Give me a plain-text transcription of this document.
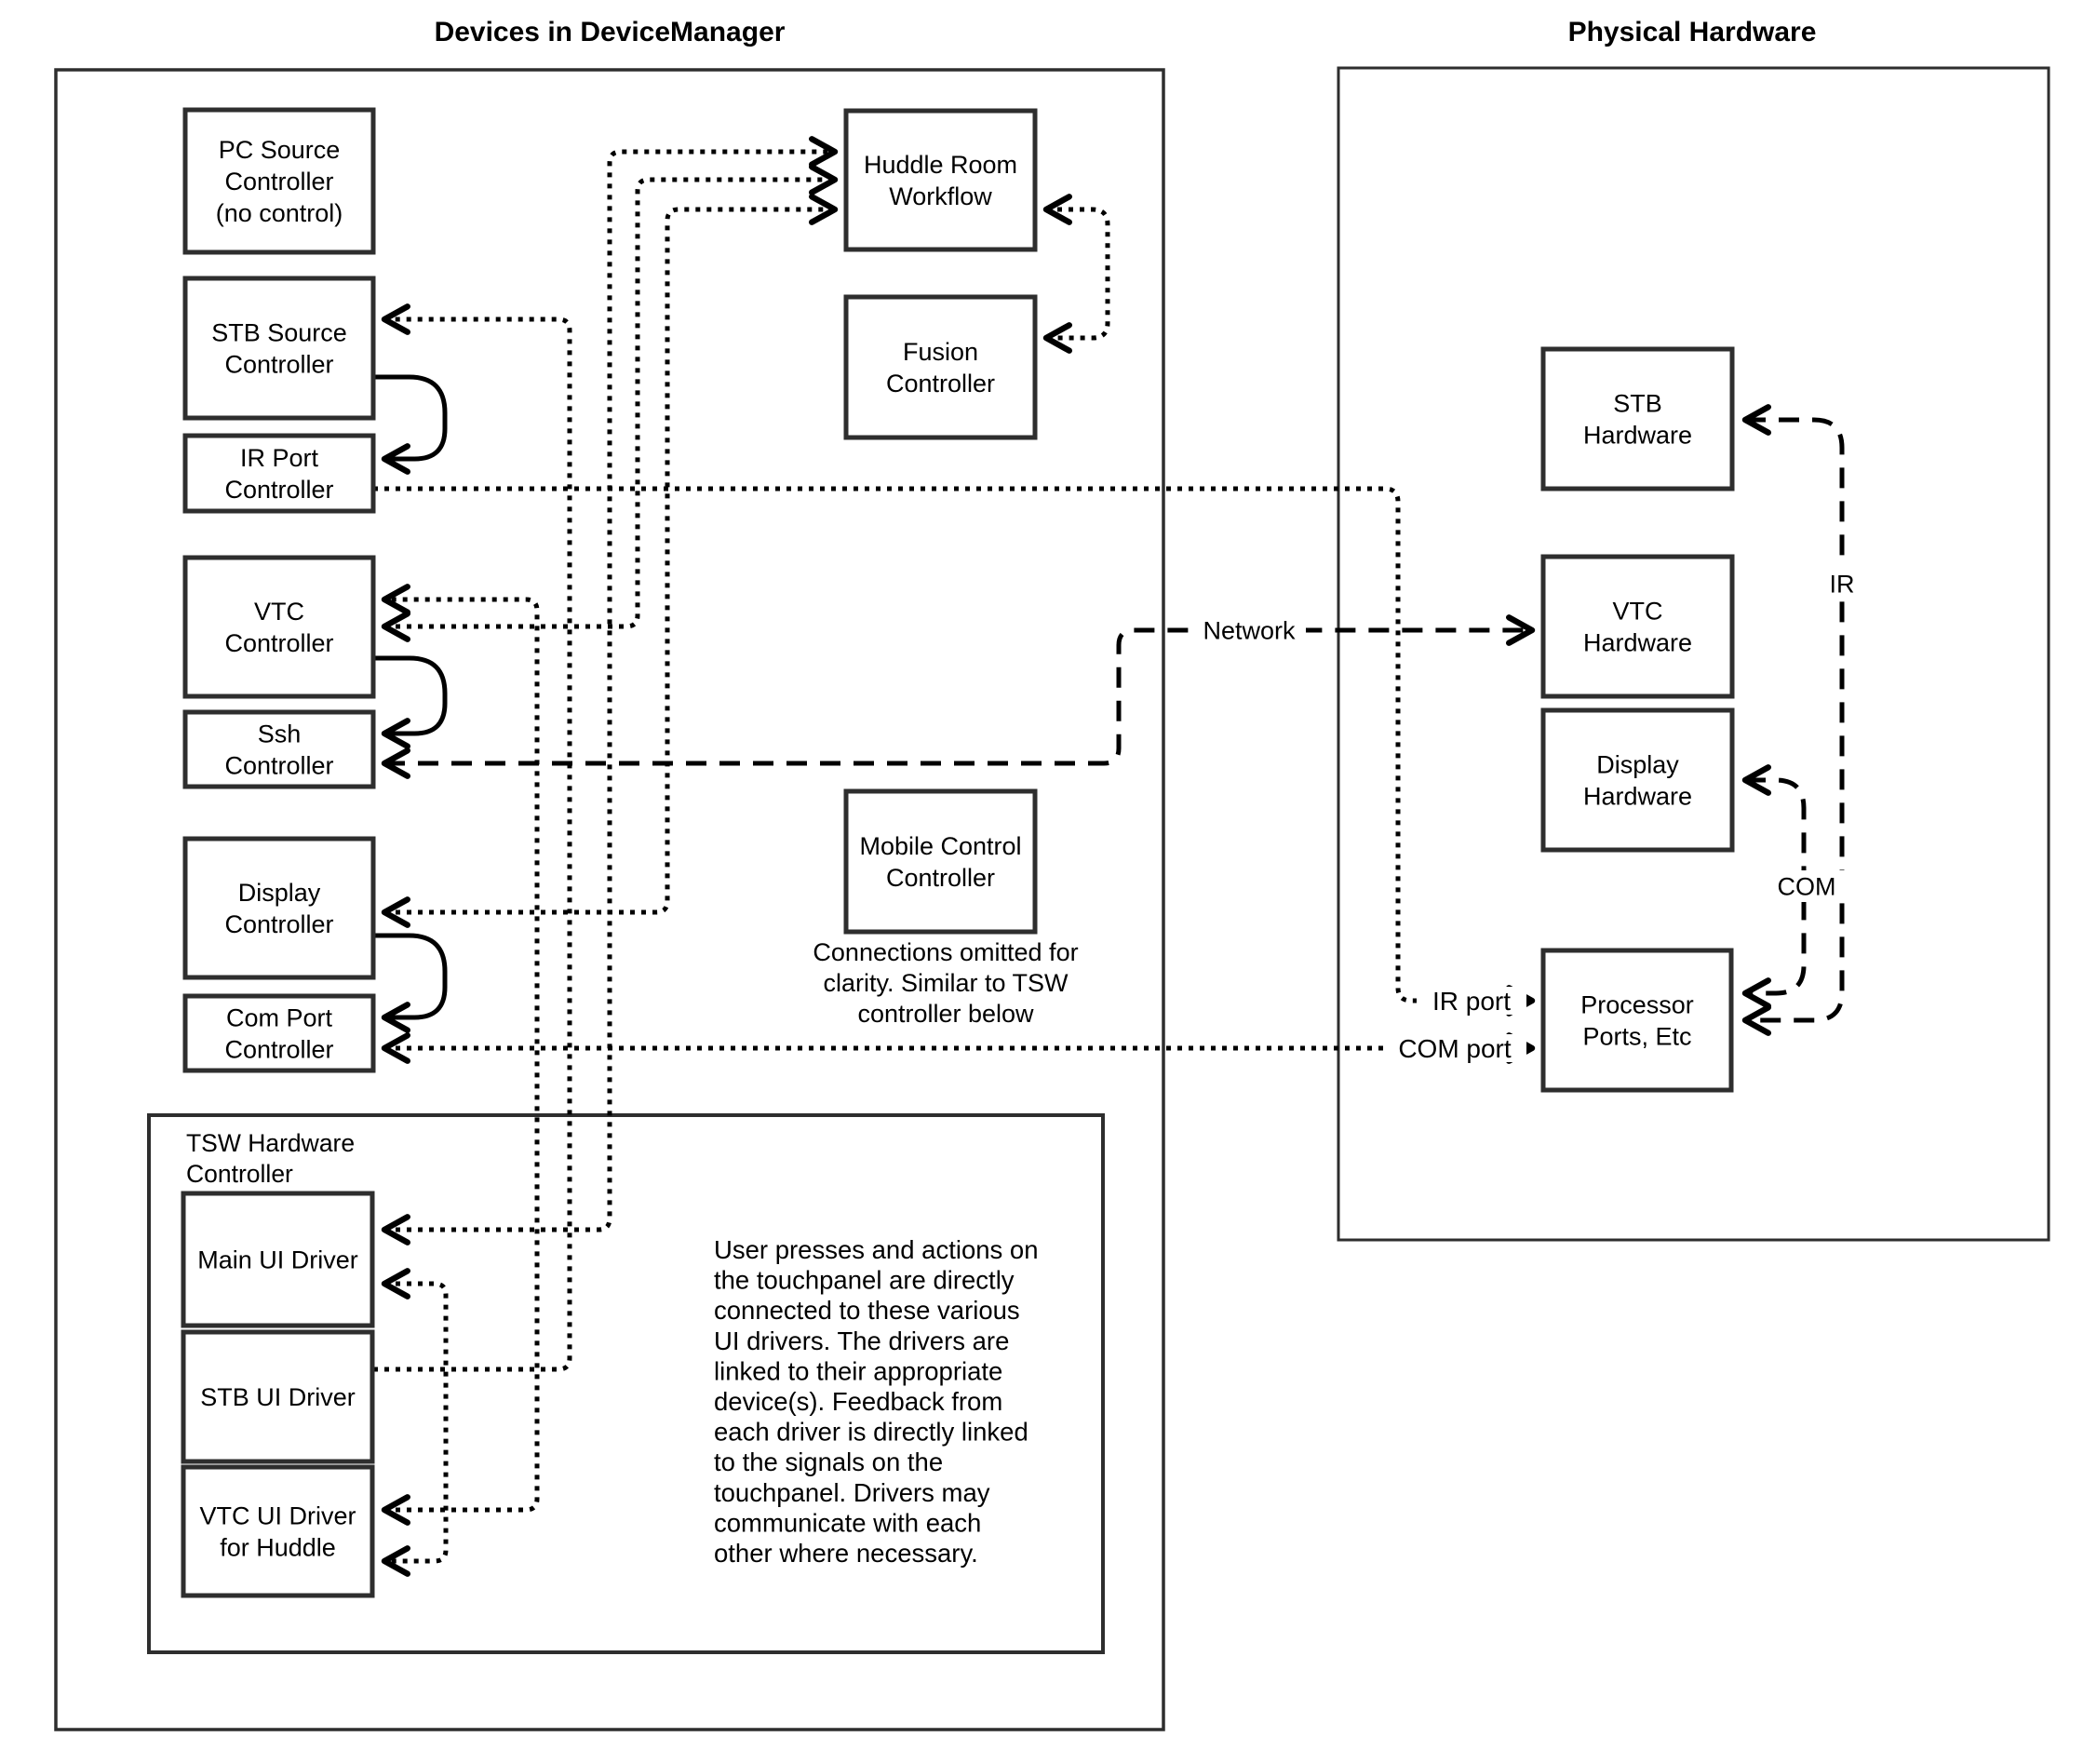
Devices in DeviceManager	Physical Hardware
PC Source Controller (no control)
STB Source Controller
IR Port Controller
VTC Controller
Ssh Controller
Display Controller
Com Port Controller
Huddle Room Workflow
Fusion Controller
Mobile Control Controller
Main UI Driver
STB UI Driver
VTC UI Driver for Huddle
STB Hardware
VTC Hardware
Display Hardware
Processor Ports, Etc
Network
IR port
COM port
IR
COM
TSW Hardware
Controller
Connections omitted for
clarity. Similar to TSW
controller below
User presses and actions on
the touchpanel are directly
connected to these various
UI drivers. The drivers are
linked to their appropriate
device(s). Feedback from
each driver is directly linked
to the signals on the
touchpanel. Drivers may
communicate with each
other where necessary.
